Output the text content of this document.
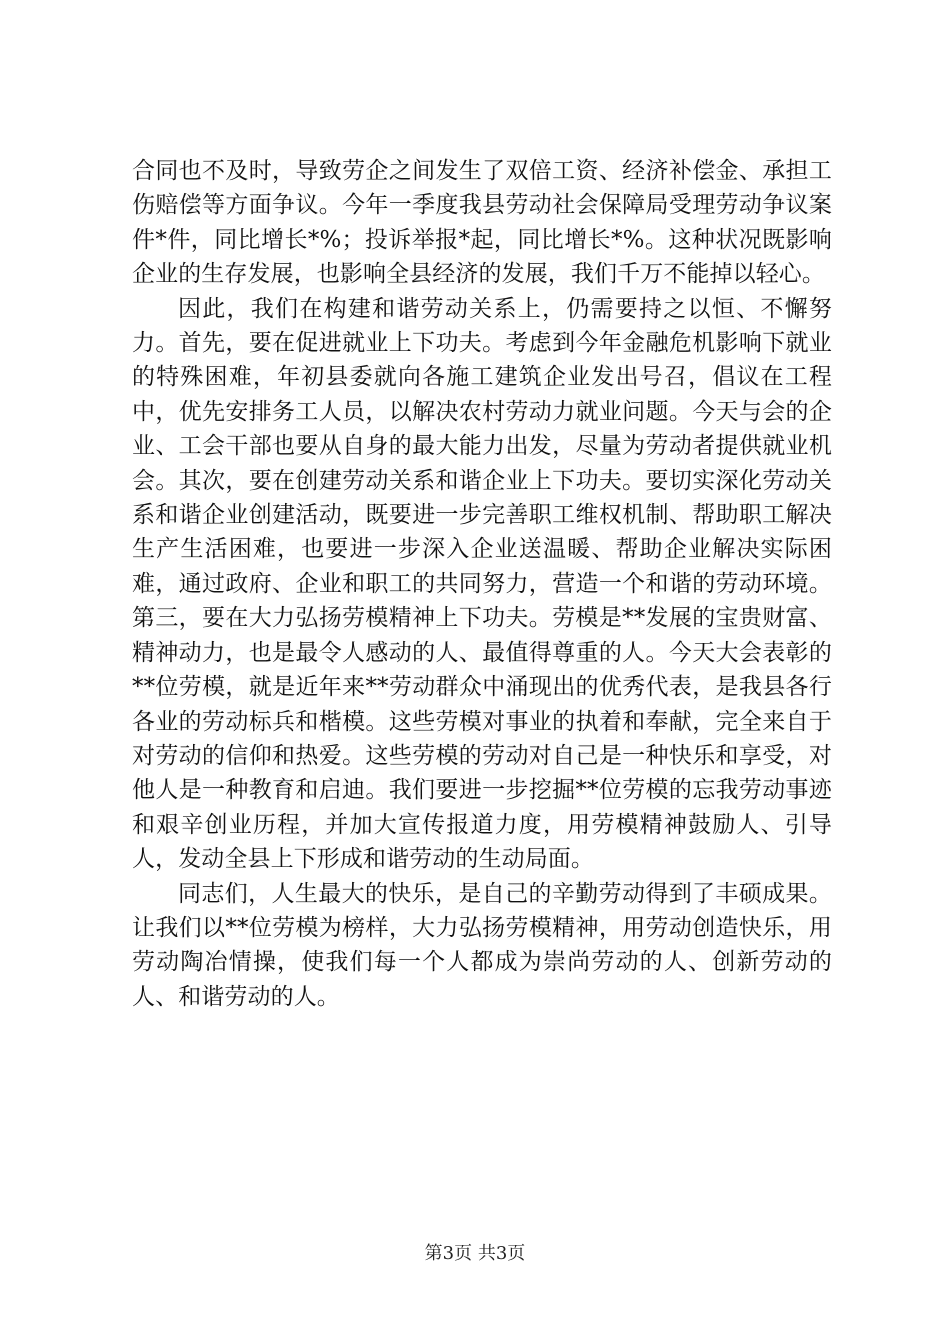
合同也不及时，导致劳企之间发生了双倍工资、经济补偿金、承担工伤赔偿等方面争议。今年一季度我县劳动社会保障局受理劳动争议案件*件，同比增长*%；投诉举报*起，同比增长*%。这种状况既影响企业的生存发展，也影响全县经济的发展，我们千万不能掉以轻心。

因此，我们在构建和谐劳动关系上，仍需要持之以恒、不懈努力。首先，要在促进就业上下功夫。考虑到今年金融危机影响下就业的特殊困难，年初县委就向各施工建筑企业发出号召，倡议在工程中，优先安排务工人员，以解决农村劳动力就业问题。今天与会的企业、工会干部也要从自身的最大能力出发，尽量为劳动者提供就业机会。其次，要在创建劳动关系和谐企业上下功夫。要切实深化劳动关系和谐企业创建活动，既要进一步完善职工维权机制、帮助职工解决生产生活困难，也要进一步深入企业送温暖、帮助企业解决实际困难，通过政府、企业和职工的共同努力，营造一个和谐的劳动环境。第三，要在大力弘扬劳模精神上下功夫。劳模是**发展的宝贵财富、精神动力，也是最令人感动的人、最值得尊重的人。今天大会表彰的**位劳模，就是近年来**劳动群众中涌现出的优秀代表，是我县各行各业的劳动标兵和楷模。这些劳模对事业的执着和奉献，完全来自于对劳动的信仰和热爱。这些劳模的劳动对自己是一种快乐和享受，对他人是一种教育和启迪。我们要进一步挖掘**位劳模的忘我劳动事迹和艰辛创业历程，并加大宣传报道力度，用劳模精神鼓励人、引导人，发动全县上下形成和谐劳动的生动局面。

同志们，人生最大的快乐，是自己的辛勤劳动得到了丰硕成果。让我们以**位劳模为榜样，大力弘扬劳模精神，用劳动创造快乐，用劳动陶冶情操，使我们每一个人都成为崇尚劳动的人、创新劳动的人、和谐劳动的人。

第3页 共3页
